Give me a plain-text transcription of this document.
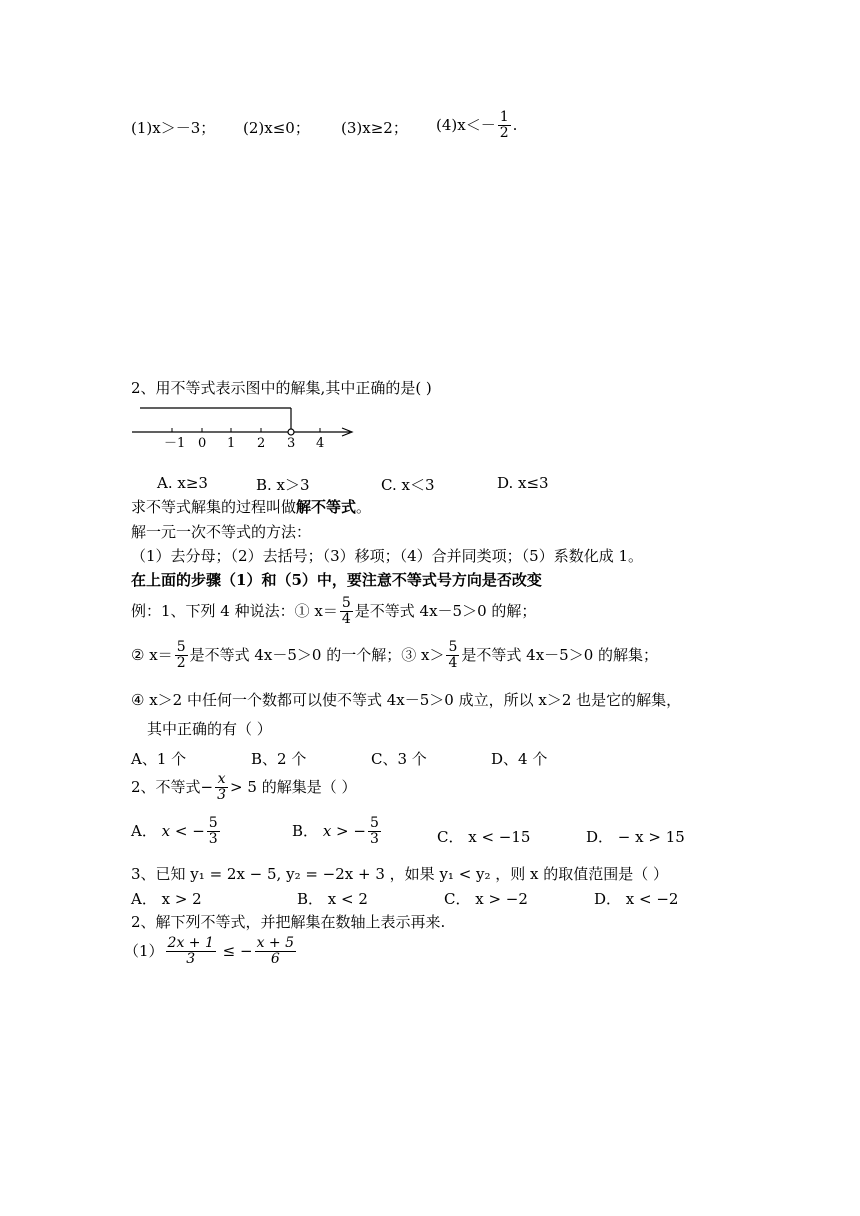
(1)x＞－3； (2)x≤0； (3)x≥2； $(4)x<- \frac{1}{2}$ .
2、用不等式表示图中的解集,其中正确的是( )
－1 0 1 2 3 4
A. x≥3	B. x＞3	C. x＜3	D. x≤3
求不等式解集的过程叫做解不等式。
解一元一次不等式的方法：
（1）去分母；（2）去括号；（3）移项；（4）合并同类项；（5）系数化成 1。
在上面的步骤（1）和（5）中，要注意不等式号方向是否改变
例：1、下列 4 种说法：① $x= \frac{5}{4}$ 是不等式 4x－5＞0 的解；
② $x= \frac{5}{2}$ 是不等式 4x－5＞0 的一个解；③ $x> \frac{5}{4}$ 是不等式 4x－5＞0 的解集；
④ x＞2 中任何一个数都可以使不等式 4x－5＞0 成立，所以 x＞2 也是它的解集，
其中正确的有（ ）
A、1 个	B、2 个	C、3 个	D、4 个
2、不等式− $\frac{x}{3} > 5$ 的解集是（ ）
A． x < − $\frac{5}{3}$	B． x > − $\frac{5}{3}$	C． x < −15	D． − x > 15
3、已知 y₁ = 2x − 5, y₂ = −2x + 3 ，如果 y₁ < y₂ ，则 x 的取值范围是（ ）
A． x > 2	B． x < 2	C． x > −2	D． x < −2
2、解下列不等式，并把解集在数轴上表示再来.
$(1) \frac{2x + 1}{3}$ ≤ − $\frac{x + 5}{6}$
